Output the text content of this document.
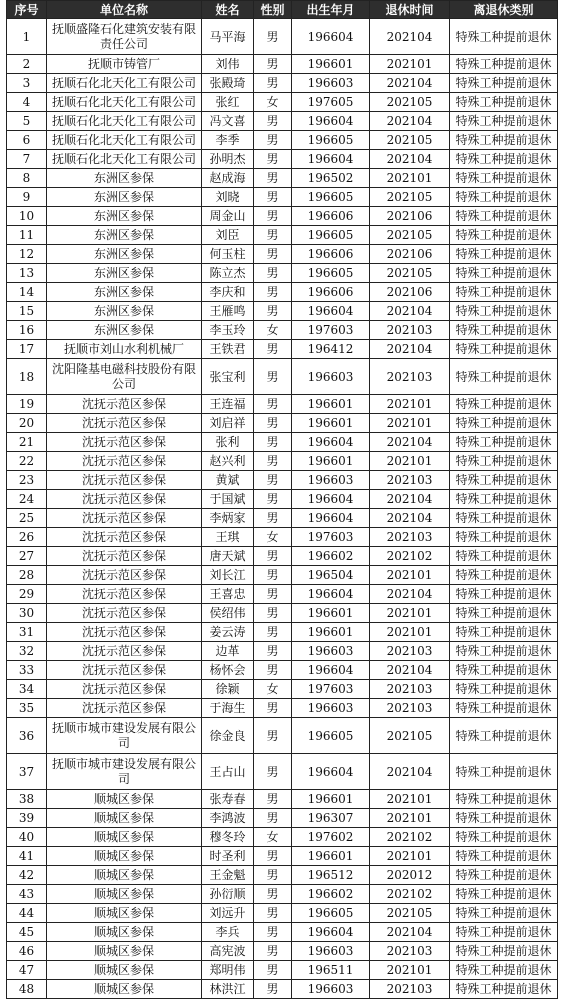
序号	单位名称	姓名	性别	出生年月	退休时间	离退休类别
1	抚顺盛隆石化建筑安装有限责任公司	马平海	男	196604	202104	特殊工种提前退休
2	抚顺市铸管厂	刘伟	男	196601	202101	特殊工种提前退休
3	抚顺石化北天化工有限公司	张殿琦	男	196603	202104	特殊工种提前退休
4	抚顺石化北天化工有限公司	张红	女	197605	202105	特殊工种提前退休
5	抚顺石化北天化工有限公司	冯文喜	男	196604	202104	特殊工种提前退休
6	抚顺石化北天化工有限公司	李季	男	196605	202105	特殊工种提前退休
7	抚顺石化北天化工有限公司	孙明杰	男	196604	202104	特殊工种提前退休
8	东洲区参保	赵成海	男	196502	202101	特殊工种提前退休
9	东洲区参保	刘晓	男	196605	202105	特殊工种提前退休
10	东洲区参保	周金山	男	196606	202106	特殊工种提前退休
11	东洲区参保	刘臣	男	196605	202105	特殊工种提前退休
12	东洲区参保	何玉柱	男	196606	202106	特殊工种提前退休
13	东洲区参保	陈立杰	男	196605	202105	特殊工种提前退休
14	东洲区参保	李庆和	男	196606	202106	特殊工种提前退休
15	东洲区参保	王雁鸣	男	196604	202104	特殊工种提前退休
16	东洲区参保	李玉玲	女	197603	202103	特殊工种提前退休
17	抚顺市刘山水利机械厂	王铁君	男	196412	202104	特殊工种提前退休
18	沈阳隆基电磁科技股份有限公司	张宝利	男	196603	202103	特殊工种提前退休
19	沈抚示范区参保	王连福	男	196601	202101	特殊工种提前退休
20	沈抚示范区参保	刘启祥	男	196601	202101	特殊工种提前退休
21	沈抚示范区参保	张利	男	196604	202104	特殊工种提前退休
22	沈抚示范区参保	赵兴利	男	196601	202101	特殊工种提前退休
23	沈抚示范区参保	黄斌	男	196603	202103	特殊工种提前退休
24	沈抚示范区参保	于国斌	男	196604	202104	特殊工种提前退休
25	沈抚示范区参保	李炳家	男	196604	202104	特殊工种提前退休
26	沈抚示范区参保	王琪	女	197603	202103	特殊工种提前退休
27	沈抚示范区参保	唐天斌	男	196602	202102	特殊工种提前退休
28	沈抚示范区参保	刘长江	男	196504	202101	特殊工种提前退休
29	沈抚示范区参保	王喜忠	男	196604	202104	特殊工种提前退休
30	沈抚示范区参保	侯绍伟	男	196601	202101	特殊工种提前退休
31	沈抚示范区参保	姜云涛	男	196601	202101	特殊工种提前退休
32	沈抚示范区参保	边革	男	196603	202103	特殊工种提前退休
33	沈抚示范区参保	杨怀会	男	196604	202104	特殊工种提前退休
34	沈抚示范区参保	徐颖	女	197603	202103	特殊工种提前退休
35	沈抚示范区参保	于海生	男	196603	202103	特殊工种提前退休
36	抚顺市城市建设发展有限公司	徐金良	男	196605	202105	特殊工种提前退休
37	抚顺市城市建设发展有限公司	王占山	男	196604	202104	特殊工种提前退休
38	顺城区参保	张寿春	男	196601	202101	特殊工种提前退休
39	顺城区参保	李鸿波	男	196307	202101	特殊工种提前退休
40	顺城区参保	穆冬玲	女	197602	202102	特殊工种提前退休
41	顺城区参保	时圣利	男	196601	202101	特殊工种提前退休
42	顺城区参保	王金魁	男	196512	202012	特殊工种提前退休
43	顺城区参保	孙衍顺	男	196602	202102	特殊工种提前退休
44	顺城区参保	刘远升	男	196605	202105	特殊工种提前退休
45	顺城区参保	李兵	男	196604	202104	特殊工种提前退休
46	顺城区参保	高宪波	男	196603	202103	特殊工种提前退休
47	顺城区参保	郑明伟	男	196511	202101	特殊工种提前退休
48	顺城区参保	林洪江	男	196603	202103	特殊工种提前退休
